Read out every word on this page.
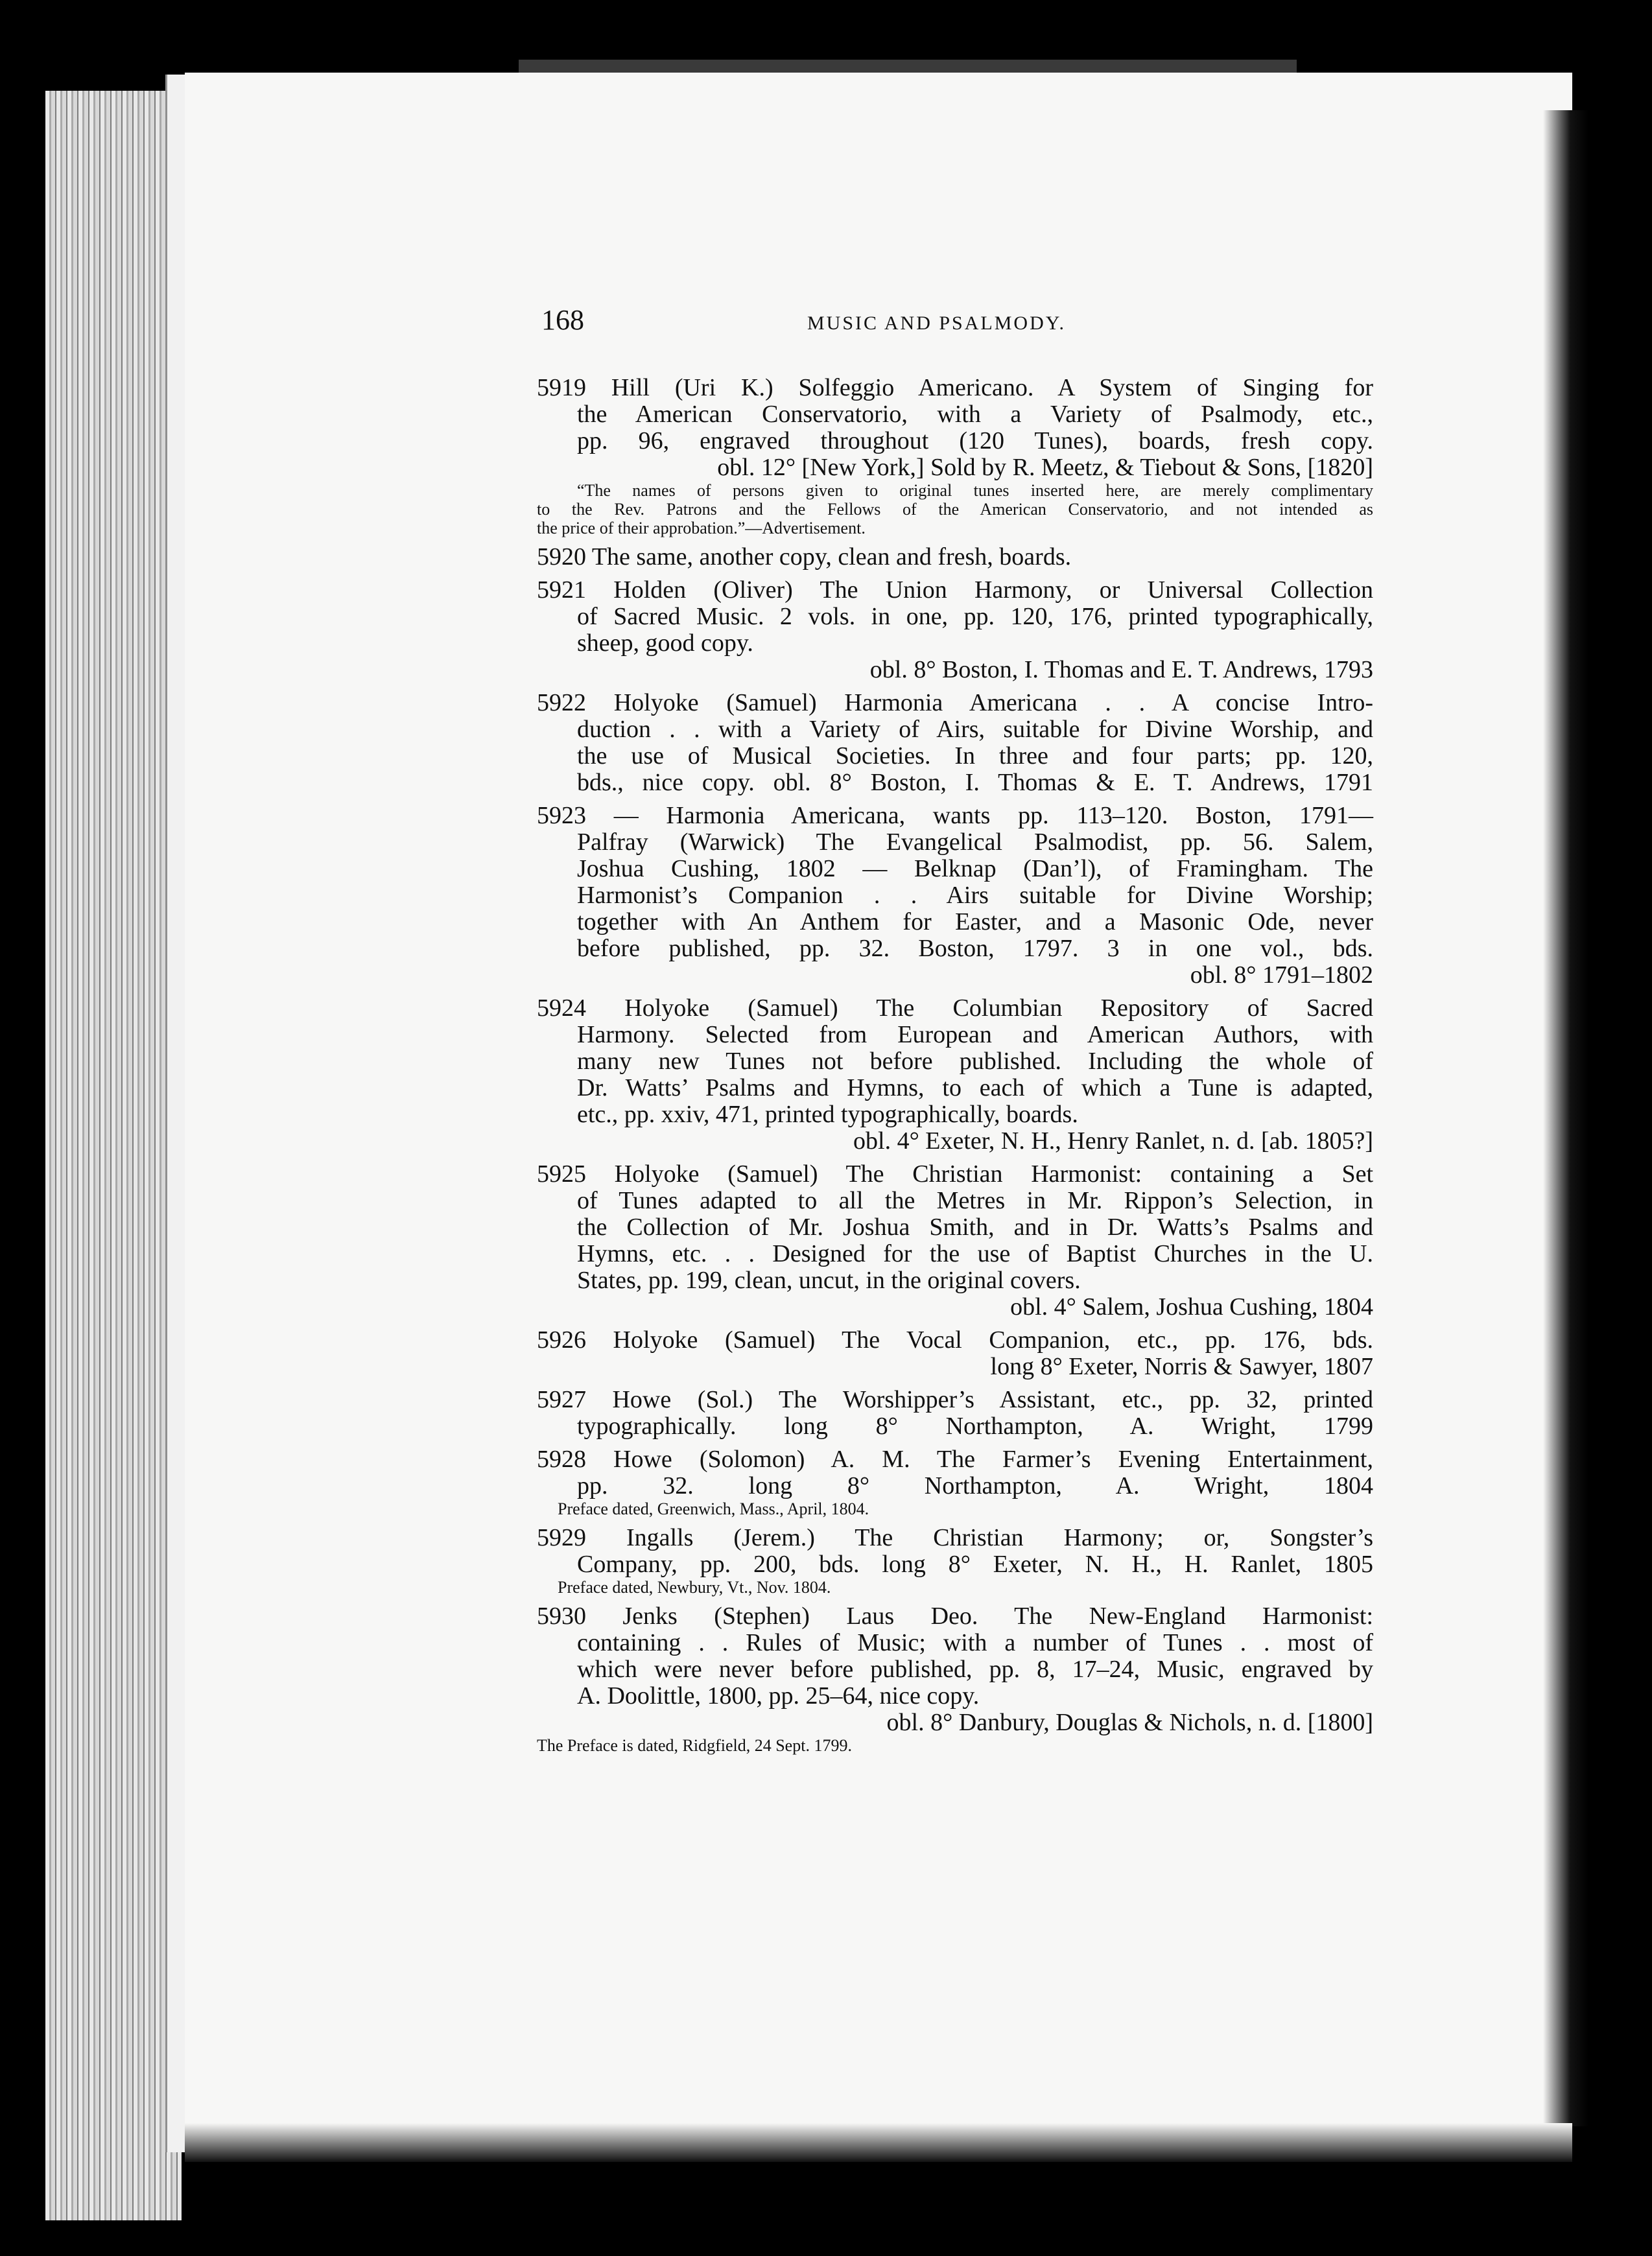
168	MUSIC AND PSALMODY.
5919 Hill (Uri K.) Solfeggio Americano. A System of Singing for
the American Conservatorio, with a Variety of Psalmody, etc.,
pp. 96, engraved throughout (120 Tunes), boards, fresh copy.
obl. 12° [New York,] Sold by R. Meetz, & Tiebout & Sons, [1820]
“The names of persons given to original tunes inserted here, are merely complimentary
to the Rev. Patrons and the Fellows of the American Conservatorio, and not intended as
the price of their approbation.”—Advertisement.
5920 The same, another copy, clean and fresh, boards.
5921 Holden (Oliver) The Union Harmony, or Universal Collection
of Sacred Music. 2 vols. in one, pp. 120, 176, printed typographically,
sheep, good copy.
obl. 8° Boston, I. Thomas and E. T. Andrews, 1793
5922 Holyoke (Samuel) Harmonia Americana . . A concise Intro-
duction . . with a Variety of Airs, suitable for Divine Worship, and
the use of Musical Societies. In three and four parts; pp. 120,
bds., nice copy. obl. 8° Boston, I. Thomas & E. T. Andrews, 1791
5923 — Harmonia Americana, wants pp. 113–120. Boston, 1791—
Palfray (Warwick) The Evangelical Psalmodist, pp. 56. Salem,
Joshua Cushing, 1802 — Belknap (Dan’l), of Framingham. The
Harmonist’s Companion . . Airs suitable for Divine Worship;
together with An Anthem for Easter, and a Masonic Ode, never
before published, pp. 32. Boston, 1797. 3 in one vol., bds.
obl. 8° 1791–1802
5924 Holyoke (Samuel) The Columbian Repository of Sacred
Harmony. Selected from European and American Authors, with
many new Tunes not before published. Including the whole of
Dr. Watts’ Psalms and Hymns, to each of which a Tune is adapted,
etc., pp. xxiv, 471, printed typographically, boards.
obl. 4° Exeter, N. H., Henry Ranlet, n. d. [ab. 1805?]
5925 Holyoke (Samuel) The Christian Harmonist: containing a Set
of Tunes adapted to all the Metres in Mr. Rippon’s Selection, in
the Collection of Mr. Joshua Smith, and in Dr. Watts’s Psalms and
Hymns, etc. . . Designed for the use of Baptist Churches in the U.
States, pp. 199, clean, uncut, in the original covers.
obl. 4° Salem, Joshua Cushing, 1804
5926 Holyoke (Samuel) The Vocal Companion, etc., pp. 176, bds.
long 8° Exeter, Norris & Sawyer, 1807
5927 Howe (Sol.) The Worshipper’s Assistant, etc., pp. 32, printed
typographically. long 8° Northampton, A. Wright, 1799
5928 Howe (Solomon) A. M. The Farmer’s Evening Entertainment,
pp. 32. long 8° Northampton, A. Wright, 1804
Preface dated, Greenwich, Mass., April, 1804.
5929 Ingalls (Jerem.) The Christian Harmony; or, Songster’s
Company, pp. 200, bds. long 8° Exeter, N. H., H. Ranlet, 1805
Preface dated, Newbury, Vt., Nov. 1804.
5930 Jenks (Stephen) Laus Deo. The New-England Harmonist:
containing . . Rules of Music; with a number of Tunes . . most of
which were never before published, pp. 8, 17–24, Music, engraved by
A. Doolittle, 1800, pp. 25–64, nice copy.
obl. 8° Danbury, Douglas & Nichols, n. d. [1800]
The Preface is dated, Ridgfield, 24 Sept. 1799.
